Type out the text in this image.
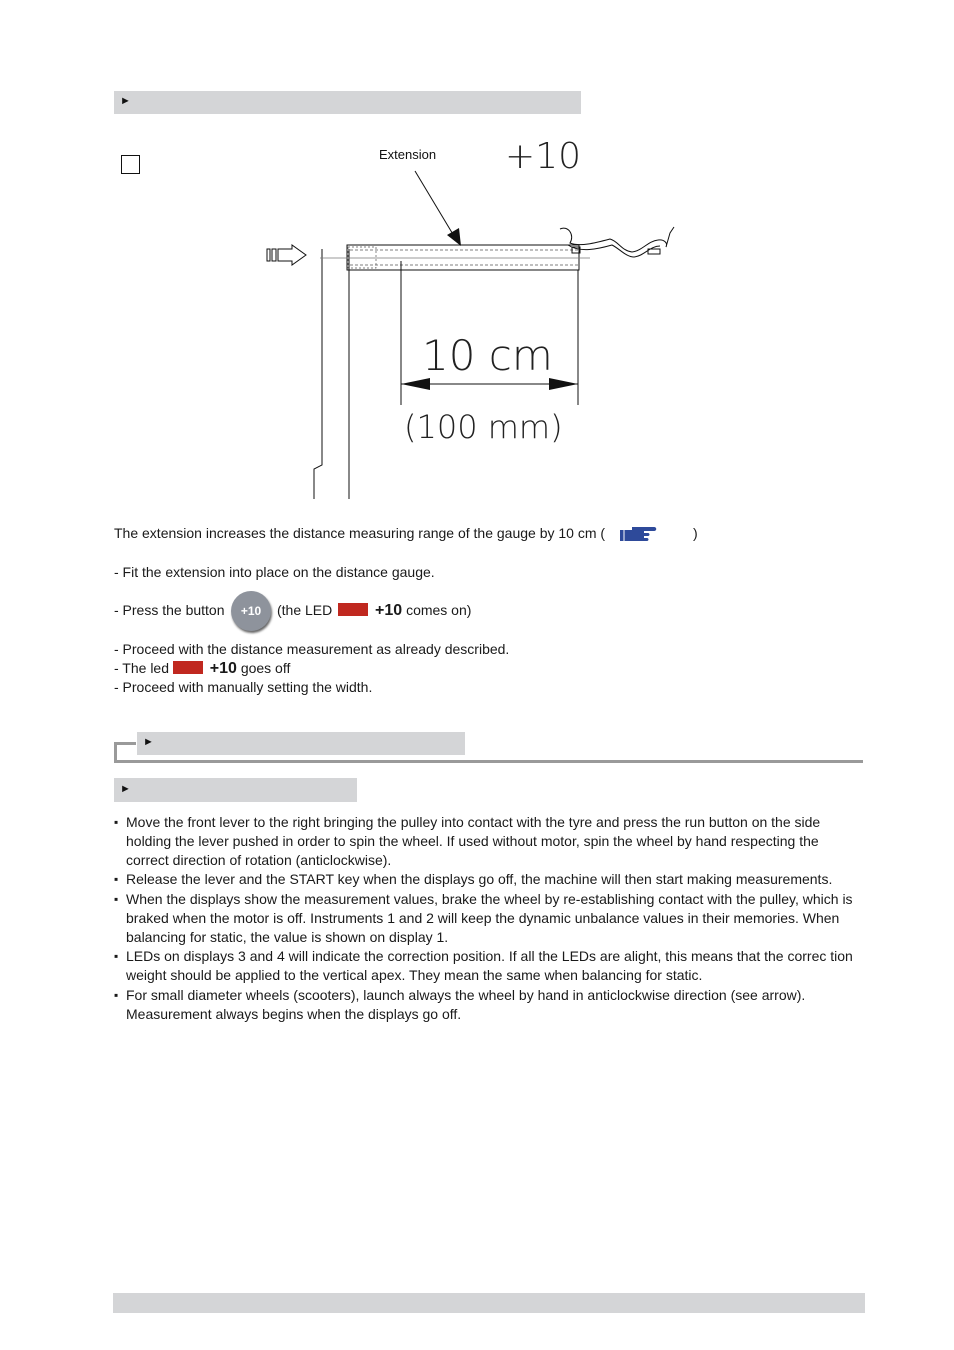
►
Extension +10
10 cm
(100 mm)
The extension increases the distance measuring range of the gauge by 10 cm (	)
- Fit the extension into place on the distance gauge.
- Press the button +10 (the LED	+10 comes on)
- Proceed with the distance measurement as already described.
- The led	+10 goes off
- Proceed with manually setting the width.
►
►
▪ Move the front lever to the right bringing the pulley into contact with the tyre and press the run button on the side holding the lever pushed in order to spin the wheel. If used without motor, spin the wheel by hand respecting the correct direction of rotation (anticlockwise).
▪ Release the lever and the START key when the displays go off, the machine will then start making measurements.
▪ When the displays show the measurement values, brake the wheel by re-establishing contact with the pulley, which is braked when the motor is off. Instruments 1 and 2 will keep the dynamic unbalance values in their memories. When balancing for static, the value is shown on display 1.
▪ LEDs on displays 3 and 4 will indicate the correction position. If all the LEDs are alight, this means that the correc tion weight should be applied to the vertical apex. They mean the same when balancing for static.
▪ For small diameter wheels (scooters), launch always the wheel by hand in anticlockwise direction (see arrow). Measurement always begins when the displays go off.
